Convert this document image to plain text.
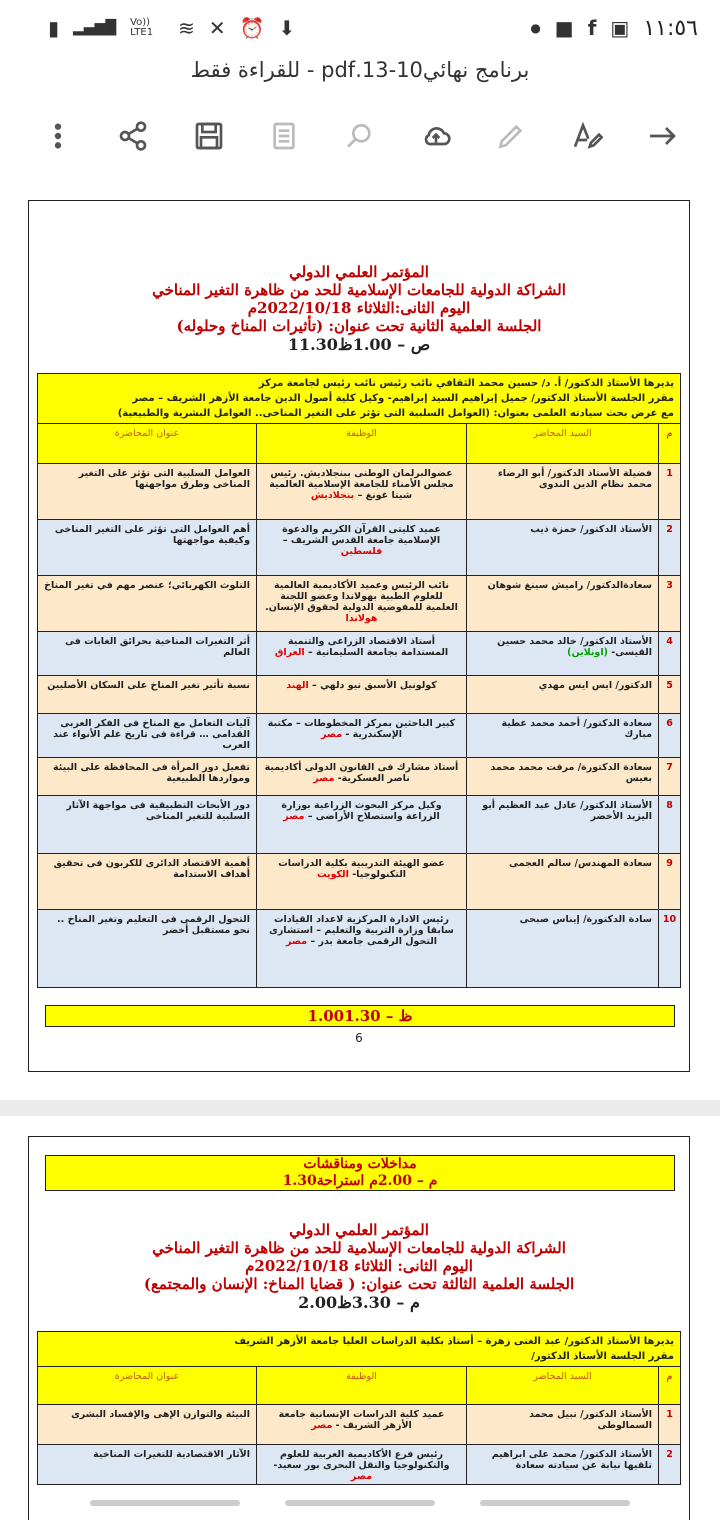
▮ ▂▄▆█ Vo)) LTE1	≋ ✕ ⏰ ⬇	● ■ f ▣ ١١:٥٦
برنامج نهائي10-13.pdf - للقراءة فقط
المؤتمر العلمي الدولي
الشراكة الدولية للجامعات الإسلامية للحد من ظاهرة التغير المناخي
اليوم الثانى:الثلاثاء 2022/10/18م
الجلسة العلمية الثانية تحت عنوان: (تأثيرات المناخ وحلوله)
11.30ص – 1.00ظ
يديرها الأستاذ الدكتور/ أ. د/ حسين محمد الثقافي نائب رئيس نائب رئيس لجامعة مركز
مقرر الجلسة الأستاذ الدكتور/ جميل إبراهيم السيد إبراهيم- وكيل كلية أصول الدين جامعة الأزهر الشريف – مصر
مع عرض بحث سيادته العلمى بعنوان: (العوامل السلبية التى تؤثر على التغير المناخى.. العوامل البشرية والطبيعية)
م
السيد المحاضر
الوظيفة
عنوان المحاضرة
1
فضيلة الأستاذ الدكتور/ أبو الرضاء محمد نظام الدين الندوى
عضوالبرلمان الوطنى ببنجلاديش. رئيس مجلس الأمناء للجامعة الإسلامية العالمية شيتا غونغ – بنجلاديش
العوامل السلبية التى تؤثر على التغير المناخى وطرق مواجهتها
2
الأستاذ الدكتور/ حمزة ذيب
عميد كليتى القرآن الكريم والدعوة الإسلامية جامعة القدس الشريف – فلسطين
أهم العوامل التى تؤثر على التغير المناخى وكيفية مواجهتها
3
سعادةالدكتور/ راميش سينغ شوهان
نائب الرئيس وعميد الأكاديمية العالمية للعلوم الطبية بهولاندا وعضو اللجنة العلمية للمفوضية الدولية لحقوق الإنسان. هولاندا
التلوث الكهربائي؛ عنصر مهم في تغير المناخ
4
الأستاذ الدكتور/ خالد محمد حسين القيسى- (اونلاين)
أستاذ الاقتصاد الزراعى والتنمية المستدامة بجامعة السليمانية – العراق
أثر التغيرات المناخية بحرائق الغابات فى العالم
5
الدكتور/ ايس ايس مهدي
كولونيل الأسبق نيو دلهي – الهند
نسبة تأثير تغير المناخ على السكان الأصليين
6
سعادة الدكتور/ أحمد محمد عطية مبارك
كبير الباحثين بمركز المخطوطات – مكتبة الإسكندرية - مصر
آليات التعامل مع المناخ فى الفكر العربى القدامى … قراءة فى تاريخ علم الأنواء عند العرب
7
سعادة الدكتورة/ مرفت محمد محمد بعيس
أستاذ مشارك فى القانون الدولى أكاديمية ناصر العسكرية- مصر
تفعيل دور المرأة فى المحافظة على البيئة ومواردها الطبيعية
8
الأستاذ الدكتور/ عادل عبد العظيم أبو اليزيد الأخضر
وكيل مركز البحوث الزراعية بوزارة الزراعة واستصلاح الأراضى – مصر
دور الأبحاث التطبيقية فى مواجهة الآثار السلبية للتغير المناخى
9
سعادة المهندس/ سالم العجمى
عضو الهيئة التدريبية بكلية الدراسات التكنولوجيا- الكويت
أهمية الاقتصاد الدائرى للكربون فى تحقيق أهداف الاستدامة
10
سادة الدكتورة/ إيناس صبحى
رئيس الادارة المركزية لاعداد القيادات سابقا وزارة التربية والتعليم – استشارى التحول الرقمى جامعة بدر – مصر
التحول الرقمى فى التعليم وتغير المناخ .. نحو مستقبل أخضر
1.00ظ – 1.30
6
مداخلات ومناقشات
1.30م – 2.00م استراحة
المؤتمر العلمي الدولي
الشراكة الدولية للجامعات الإسلامية للحد من ظاهرة التغير المناخي
اليوم الثانى: الثلاثاء 2022/10/18م
الجلسة العلمية الثالثة تحت عنوان: ( قضايا المناخ: الإنسان والمجتمع)
2.00م – 3.30ظ
يديرها الأستاذ الدكتور/ عبد الغنى زهرة – أستاذ بكلية الدراسات العليا جامعة الأزهر الشريف
مقرر الجلسة الأستاذ الدكتور/
م
السيد المحاضر
الوظيفة
عنوان المحاضرة
1
الأستاذ الدكتور/ نبيل محمد السمالوطى
عميد كلية الدراسات الإنسانية جامعة الأزهر الشريف - مصر
البيئة والتوازن الإهى والإفساد البشرى
2
الأستاذ الدكتور/ محمد على ابراهيم تلقيها نيابة عن سيادته سعادة
رئيس فرع الأكاديمية العربية للعلوم والتكنولوجيا والنقل البحرى بور سعيد- مصر
الآثار الاقتصادية للتغيرات المناخية
